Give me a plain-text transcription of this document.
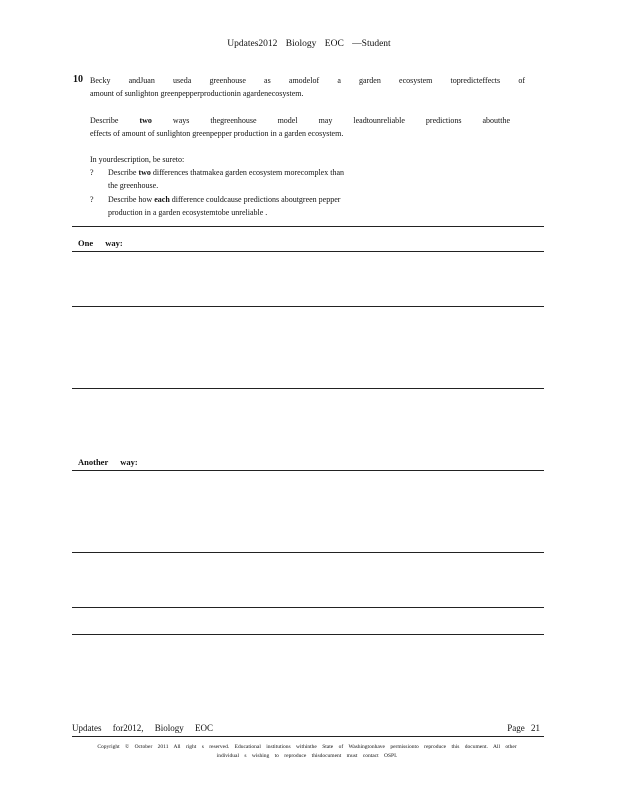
Updates2012 Biology EOC —Student
10 Becky andJuan useda greenhouse as amodelof a garden ecosystem topredicteffects of
amount of sunlighton greenpepperproductionin agardenecosystem.
Describe	two	ways thegreenhouse model may leadtounreliable predictions aboutthe
effects of amount of sunlighton greenpepper production in a garden ecosystem.
In yourdescription, be sureto:
? Describe two differences thatmakea garden ecosystem morecomplex than
the greenhouse.
? Describe how each difference couldcause predictions aboutgreen pepper
production in a garden ecosystemtobe unreliable .
One way:
Another way:
Updates for2012, Biology EOC	Page 21
Copyright © October 2011 All right s reserved. Educational institutions withinthe State of Washingtonhave permissionto reproduce this document. All other individual s wishing to reproduce thisdocument must contact OSPI.
